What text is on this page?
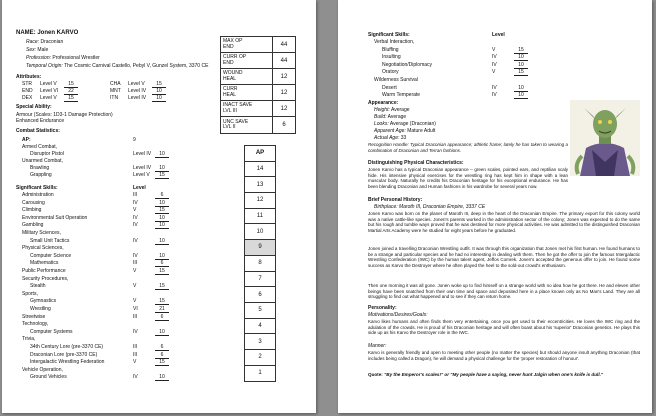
NAME: Jonen KARVO
Race: Draconian
Sex: Male
Profession: Professional Wrestler
Temporal Origin: The Cosmic Carnival Castello, Pebyl V, Gunzel System, 3370 CE
MAX OP
END	44
CURR OP
END	44
WOUND
HEAL	12
CURR
HEAL	12
INACT SAVE
LVL III	12
UNC SAVE
LVL II	6
Attributes:
STR Level V	15	CHA Level V	15
END Level VI	22	MNT Level IV	10
DEX Level V	15	ITN Level IV	10
Special Ability:
Armour (Scales: 1D3-1 Damage Protection)
Enhanced Endurance
Combat Statistics:
AP:	9
Armed Combat,
Disruptor Pistol	Level IV	10
Unarmed Combat,
Brawling	Level IV	10
Grappling	Level V	15
Significant Skills:	Level
Administration	III	6
Carousing	IV	10
Climbing	V	15
Environmental Suit Operation	IV	10
Gambling	IV	10
Military Sciences,
Small Unit Tactics	IV	10
Physical Sciences,
Computer Science	IV	10
Mathematics	III	6
Public Performance	V	15
Security Procedures,
Stealth	V	15
Sports,
Gymnastics	V	15
Wrestling	VI	21
Streetwise	III	6
Technology,
Computer Systems	IV	10
Trivia,
34th Century Lore (pre-3370 CE)	III	6
Draconian Lore (pre-3370 CE)	III	6
Intergalactic Wrestling Federation	V	15
Vehicle Operation,
Ground Vehicles	IV	10
AP
14
13
12
11
10
9
8
7
6
5
4
3
2
1
Significant Skills:	Level
Verbal Interaction,
Bluffing	V	15
Insulting	IV	10
Negotiation/Diplomacy	IV	10
Oratory	V	15
Wilderness Survival
Desert	IV	10
Warm Temperate	IV	10
Appearance:
Height: Average
Build: Average
Looks: Average (Draconian)
Apparent Age: Mature Adult
Actual Age: 33
Recognition Handle: Typical Draconian appearance; athletic frame; lately he has taken to wearing a combination of Draconian and Terran fashions.
Distinguishing Physical Characteristics:
Jonen Karvo has a typical Draconian appearance – green scales, pointed ears, and reptilian scaly hide. His intensive physical exercises for the wrestling ring has kept him in shape with a lean muscular body. Naturally he credits his Draconian heritage for his exceptional endurance. He has been blending Draconian and Human fashions in his wardrobe for several years now.
Brief Personal History:
Birthplace: Maroth III, Draconian Empire, 3337 CE
Jonen Karvo was born on the planet of Maroth III, deep in the heart of the Draconian Empire. The primary export for this colony world was a native cattle-like species. Jonen's parents worked in the administration sector of the colony; Jonen was expected to do the same but his rough and tumble ways proved that he was destined for more physical activities. He was admitted to the distinguished Draconian Martial Arts Academy were he studied for eight years before he graduated.
Jonen joined a travelling Draconian Wrestling outfit. It was through this organization that Jonen met his first human. He found humans to be a strange and particular species and he had no interesting in dealing with them. Then he got the offer to join the famous Intergalactic Wrestling Confederation (IWC) by the human talent agent, Jeffos Comrek. Jonen's accepted the generous offer to join. He found some success as Karvo the Destroyer where he often played the heel to the sold-out crowd's enthusiasm.
Then one morning it was all gone. Jonen woke up to find himself on a strange world with no idea how he got there. He and eleven other beings have been snatched from their own time and space and deposited here in a place known only as No Man's Land. They are all struggling to find out what happened and to see if they can return home.
Personality:
Motivations/Desires/Goals:
Karvo likes humans and often finds them very entertaining, once you get used to their eccentricities. He loves the IWC ring and the adulation of the crowds. He is proud of his Draconian heritage and will often boast about his 'superior' Draconian genetics. He plays this side up as his Karvo the Destroyer role in the IWC.
Manner:
Karvo is generally friendly and open to meeting other people (no matter the species) but should anyone insult anything Draconian (that includes being called a Dragon), he will demand a physical challenge for the 'proper restoration of honour'.
Quote: "By the Emperor's scales!" or "My people have a saying, never hunt Jalgin when one's knife is dull."
